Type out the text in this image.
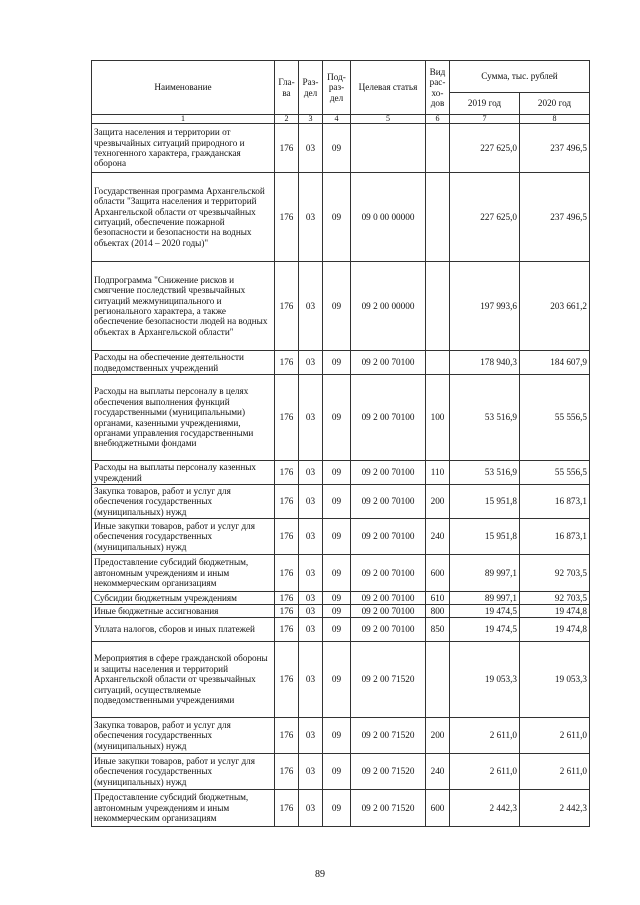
Наименование	Гла-ва	Раз-дел	Под-раз-дел	Целевая статья	Вид рас-хо-дов	Сумма, тыс. рублей	
						2019 год	2020 год
1	2	3	4	5	6	7	8
Защита населения и территории от чрезвычайных ситуаций природного и техногенного характера, гражданская оборона	176	03	09			227 625,0	237 496,5
Государственная программа Архангельской области "Защита населения и территорий Архангельской области от чрезвычайных ситуаций, обеспечение пожарной безопасности и безопасности на водных объектах (2014 – 2020 годы)"	176	03	09	09 0 00 00000		227 625,0	237 496,5
Подпрограмма "Снижение рисков и смягчение последствий чрезвычайных ситуаций межмуниципального и регионального характера, а также обеспечение безопасности людей на водных объектах в Архангельской области"	176	03	09	09 2 00 00000		197 993,6	203 661,2
Расходы на обеспечение деятельности подведомственных учреждений	176	03	09	09 2 00 70100		178 940,3	184 607,9
Расходы на выплаты персоналу в целях обеспечения выполнения функций государственными (муниципальными) органами, казенными учреждениями, органами управления государственными внебюджетными фондами	176	03	09	09 2 00 70100	100	53 516,9	55 556,5
Расходы на выплаты персоналу казенных учреждений	176	03	09	09 2 00 70100	110	53 516,9	55 556,5
Закупка товаров, работ и услуг для обеспечения государственных (муниципальных) нужд	176	03	09	09 2 00 70100	200	15 951,8	16 873,1
Иные закупки товаров, работ и услуг для обеспечения государственных (муниципальных) нужд	176	03	09	09 2 00 70100	240	15 951,8	16 873,1
Предоставление субсидий бюджетным, автономным учреждениям и иным некоммерческим организациям	176	03	09	09 2 00 70100	600	89 997,1	92 703,5
Субсидии бюджетным учреждениям	176	03	09	09 2 00 70100	610	89 997,1	92 703,5
Иные бюджетные ассигнования	176	03	09	09 2 00 70100	800	19 474,5	19 474,8
Уплата налогов, сборов и иных платежей	176	03	09	09 2 00 70100	850	19 474,5	19 474,8
Мероприятия в сфере гражданской обороны и защиты населения и территорий Архангельской области от чрезвычайных ситуаций, осуществляемые подведомственными учреждениями	176	03	09	09 2 00 71520		19 053,3	19 053,3
Закупка товаров, работ и услуг для обеспечения государственных (муниципальных) нужд	176	03	09	09 2 00 71520	200	2 611,0	2 611,0
Иные закупки товаров, работ и услуг для обеспечения государственных (муниципальных) нужд	176	03	09	09 2 00 71520	240	2 611,0	2 611,0
Предоставление субсидий бюджетным, автономным учреждениям и иным некоммерческим организациям	176	03	09	09 2 00 71520	600	2 442,3	2 442,3
89
